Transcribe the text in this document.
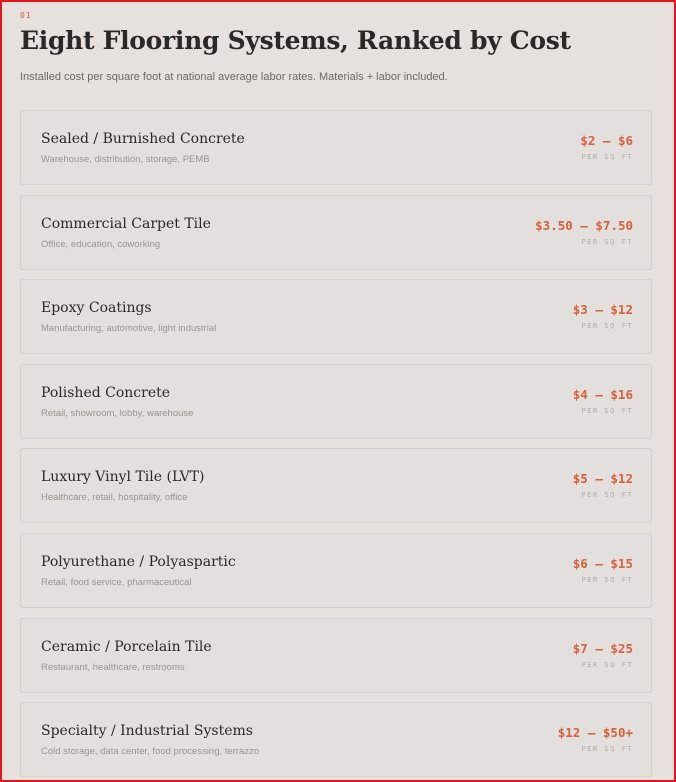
01
Eight Flooring Systems, Ranked by Cost

Installed cost per square foot at national average labor rates. Materials + labor included.

Sealed / Burnished Concrete
Warehouse, distribution, storage, PEMB
$2 – $6
PER SQ FT
Commercial Carpet Tile
Office, education, coworking
$3.50 – $7.50
PER SQ FT
Epoxy Coatings
Manufacturing, automotive, light industrial
$3 – $12
PER SQ FT
Polished Concrete
Retail, showroom, lobby, warehouse
$4 – $16
PER SQ FT
Luxury Vinyl Tile (LVT)
Healthcare, retail, hospitality, office
$5 – $12
PER SQ FT
Polyurethane / Polyaspartic
Retail, food service, pharmaceutical
$6 – $15
PER SQ FT
Ceramic / Porcelain Tile
Restaurant, healthcare, restrooms
$7 – $25
PER SQ FT
Specialty / Industrial Systems
Cold storage, data center, food processing, terrazzo
$12 – $50+
PER SQ FT
